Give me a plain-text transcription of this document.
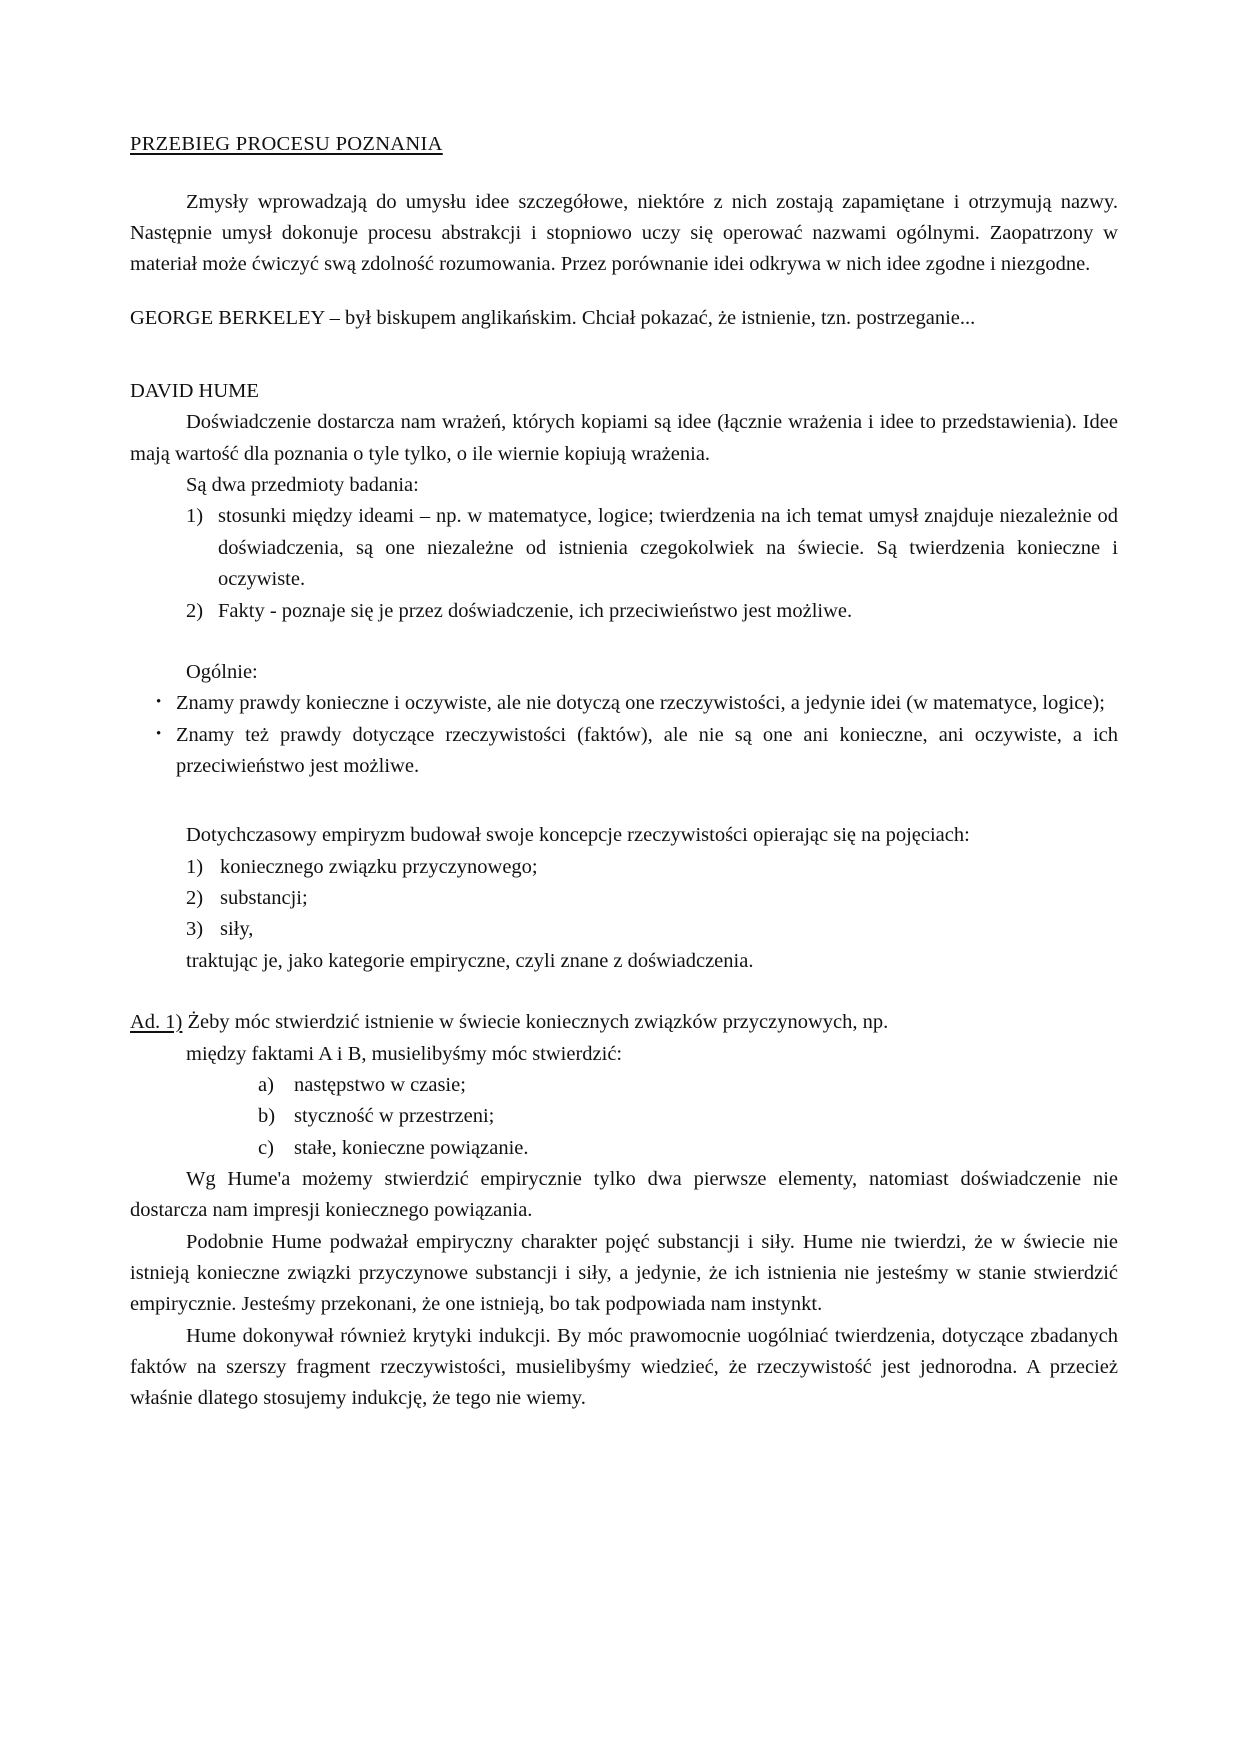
PRZEBIEG PROCESU POZNANIA

Zmysły wprowadzają do umysłu idee szczegółowe, niektóre z nich zostają zapamiętane i otrzymują nazwy. Następnie umysł dokonuje procesu abstrakcji i stopniowo uczy się operować nazwami ogólnymi. Zaopatrzony w materiał może ćwiczyć swą zdolność rozumowania. Przez porównanie idei odkrywa w nich idee zgodne i niezgodne.

GEORGE BERKELEY – był biskupem anglikańskim. Chciał pokazać, że istnienie, tzn. postrzeganie...

DAVID HUME

Doświadczenie dostarcza nam wrażeń, których kopiami są idee (łącznie wrażenia i idee to przedstawienia). Idee mają wartość dla poznania o tyle tylko, o ile wiernie kopiują wrażenia.

Są dwa przedmioty badania:

1) stosunki między ideami – np. w matematyce, logice; twierdzenia na ich temat umysł znajduje niezależnie od doświadczenia, są one niezależne od istnienia czegokolwiek na świecie. Są twierdzenia konieczne i oczywiste.
2) Fakty - poznaje się je przez doświadczenie, ich przeciwieństwo jest możliwe.

Ogólnie:

• Znamy prawdy konieczne i oczywiste, ale nie dotyczą one rzeczywistości, a jedynie idei (w matematyce, logice);
• Znamy też prawdy dotyczące rzeczywistości (faktów), ale nie są one ani konieczne, ani oczywiste, a ich przeciwieństwo jest możliwe.

Dotychczasowy empiryzm budował swoje koncepcje rzeczywistości opierając się na pojęciach:

1) koniecznego związku przyczynowego;
2) substancji;
3) siły,

traktując je, jako kategorie empiryczne, czyli znane z doświadczenia.

Ad. 1) Żeby móc stwierdzić istnienie w świecie koniecznych związków przyczynowych, np.

między faktami A i B, musielibyśmy móc stwierdzić:

a) następstwo w czasie;
b) styczność w przestrzeni;
c) stałe, konieczne powiązanie.

Wg Hume'a możemy stwierdzić empirycznie tylko dwa pierwsze elementy, natomiast doświadczenie nie dostarcza nam impresji koniecznego powiązania.

Podobnie Hume podważał empiryczny charakter pojęć substancji i siły. Hume nie twierdzi, że w świecie nie istnieją konieczne związki przyczynowe substancji i siły, a jedynie, że ich istnienia nie jesteśmy w stanie stwierdzić empirycznie. Jesteśmy przekonani, że one istnieją, bo tak podpowiada nam instynkt.

Hume dokonywał również krytyki indukcji. By móc prawomocnie uogólniać twierdzenia, dotyczące zbadanych faktów na szerszy fragment rzeczywistości, musielibyśmy wiedzieć, że rzeczywistość jest jednorodna. A przecież właśnie dlatego stosujemy indukcję, że tego nie wiemy.
